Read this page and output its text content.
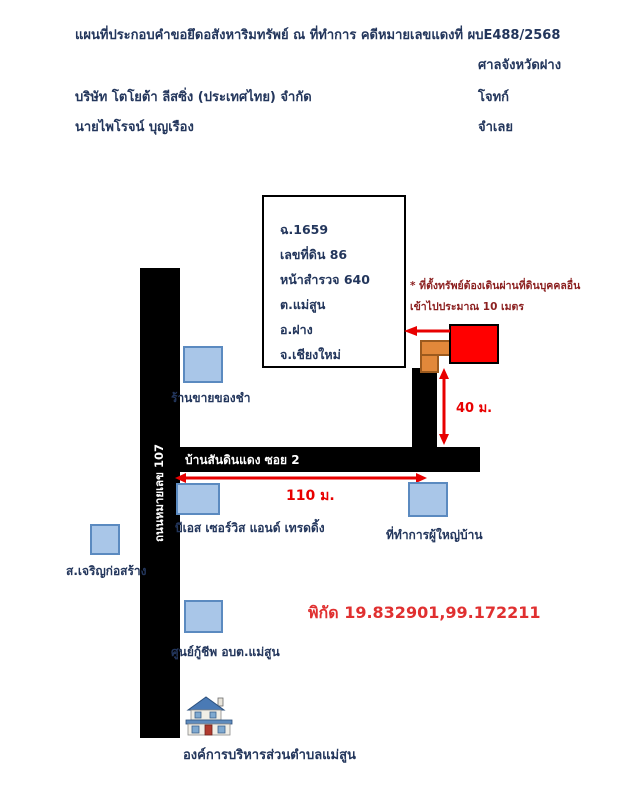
แผนที่ประกอบคำขอยึดอสังหาริมทรัพย์ ณ ที่ทำการ คดีหมายเลขแดงที่ ผบE488/2568
ศาลจังหวัดฝาง
บริษัท โตโยต้า ลีสซิ่ง (ประเทศไทย) จำกัด	โจทก์
นายไพโรจน์ บุญเรือง	จำเลย
ฉ.1659
เลขที่ดิน 86
หน้าสำรวจ 640
ต.แม่สูน
อ.ฝาง
จ.เชียงใหม่
* ที่ตั้งทรัพย์ต้องเดินผ่านที่ดินบุคคลอื่น
เข้าไปประมาณ 10 เมตร
ถนนหมายเลข 107	บ้านสันดินแดง ซอย 2
40 ม.
110 ม.
ร้านขายของชำ
บีเอส เซอร์วิส แอนด์ เทรดดิ้ง	ที่ทำการผู้ใหญ่บ้าน
ส.เจริญก่อสร้าง
ศูนย์กู้ชีพ อบต.แม่สูน
พิกัด 19.832901,99.172211
องค์การบริหารส่วนตำบลแม่สูน
